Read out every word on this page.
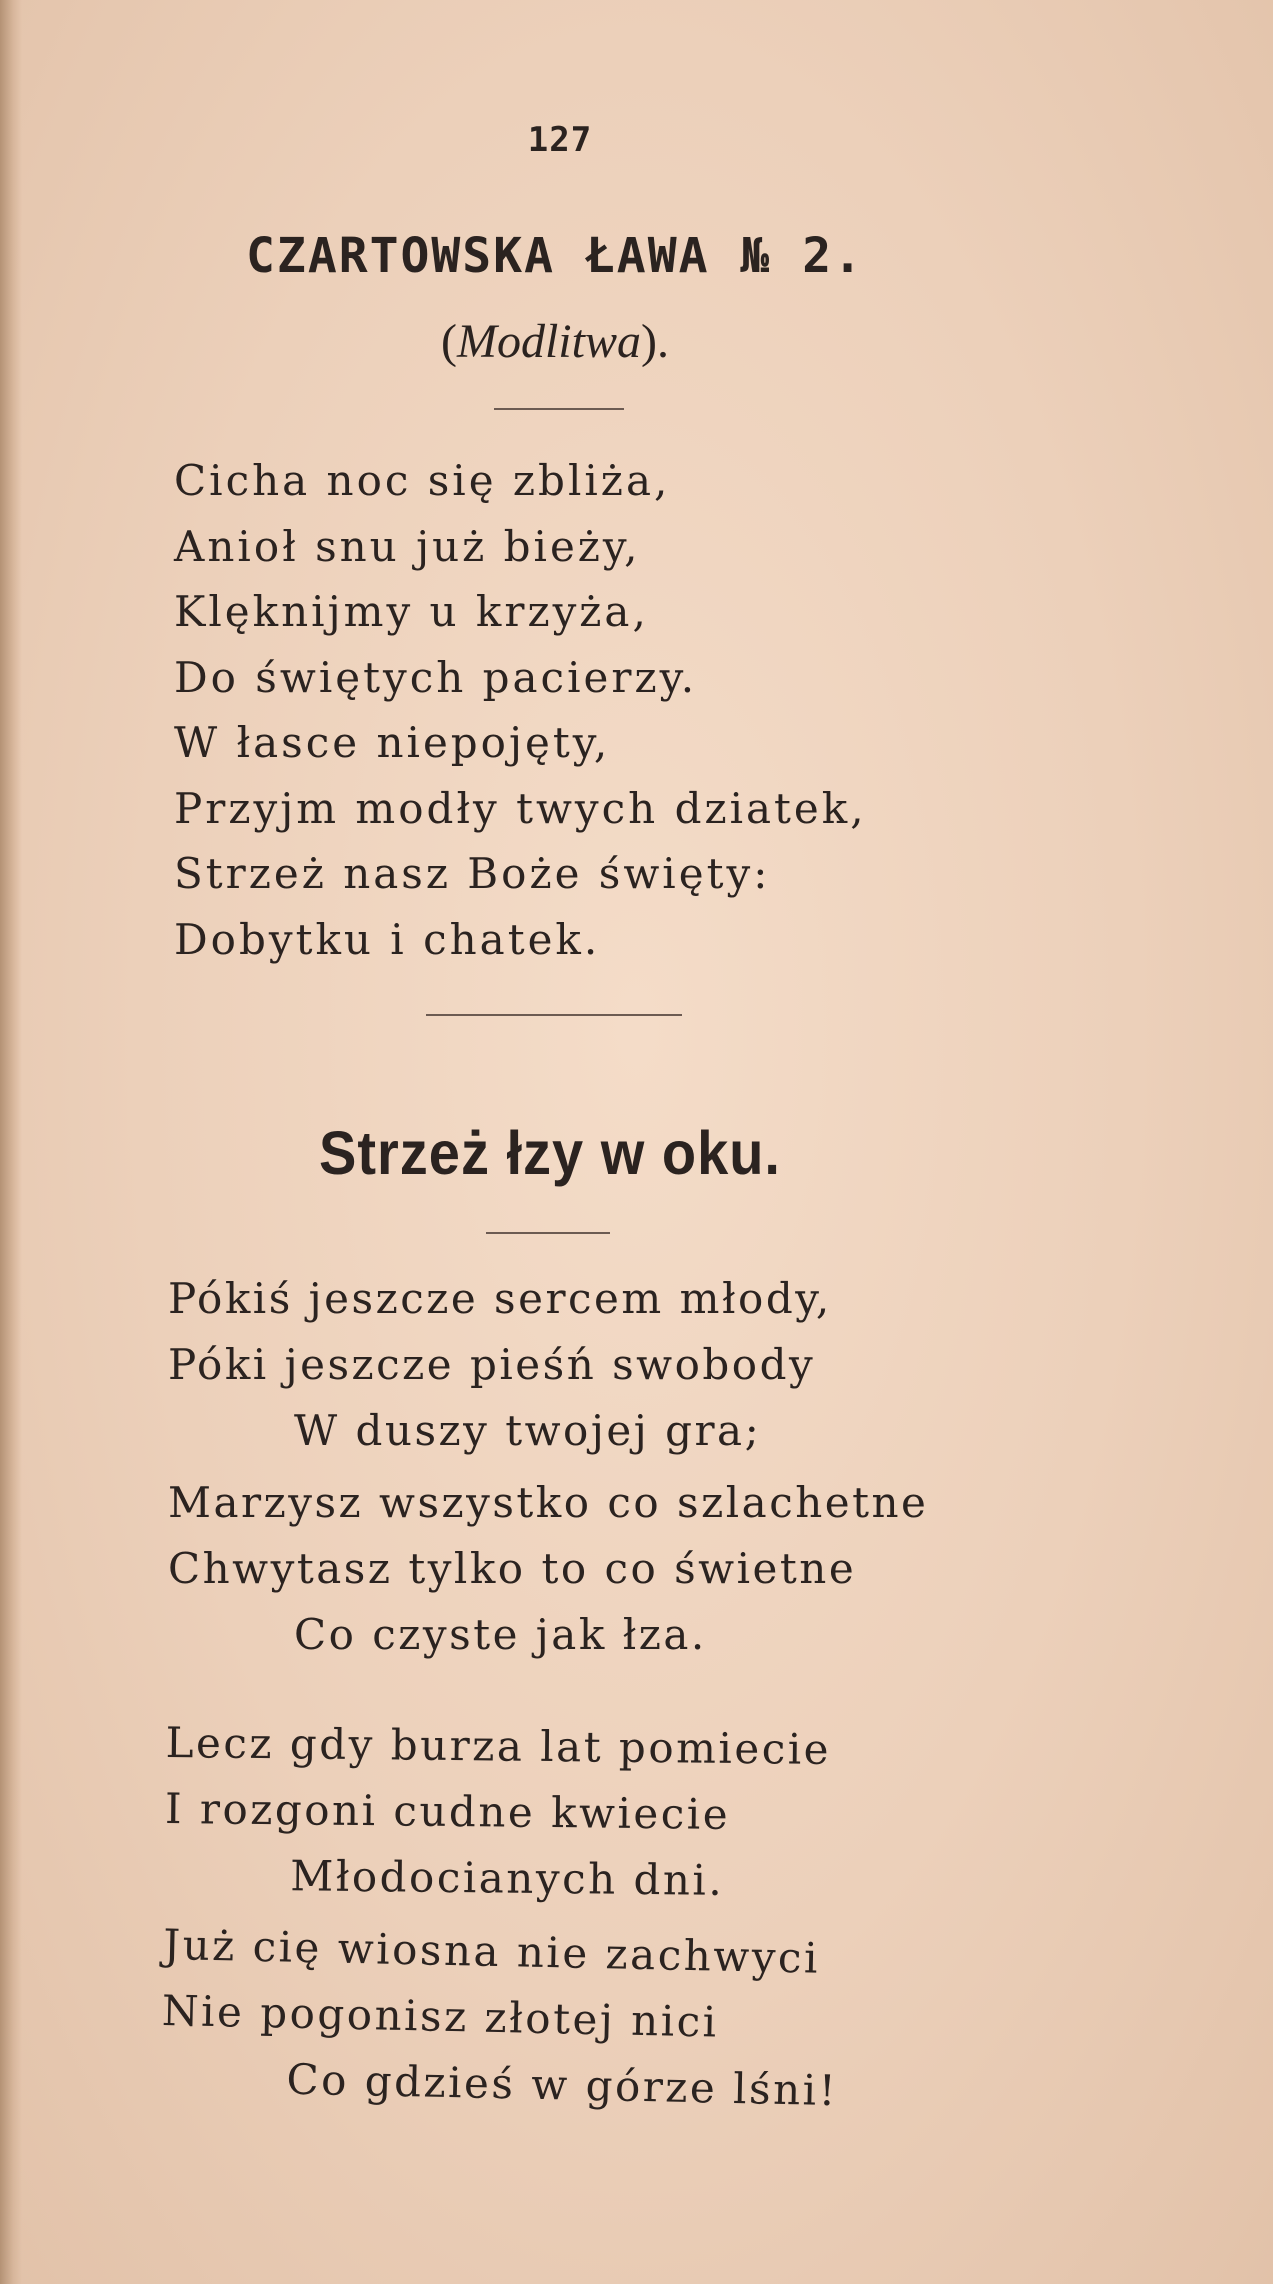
127
CZARTOWSKA ŁAWA № 2.
(Modlitwa).
Cicha noc się zbliża,
Anioł snu już bieży,
Klęknijmy u krzyża,
Do świętych pacierzy.
W łasce niepojęty,
Przyjm modły twych dziatek,
Strzeż nasz Boże święty:
Dobytku i chatek.
Strzeż łzy w oku.
Pókiś jeszcze sercem młody,
Póki jeszcze pieśń swobody
W duszy twojej gra;
Marzysz wszystko co szlachetne
Chwytasz tylko to co świetne
Co czyste jak łza.
Lecz gdy burza lat pomiecie
I rozgoni cudne kwiecie
Młodocianych dni.
Już cię wiosna nie zachwyci
Nie pogonisz złotej nici
Co gdzieś w górze lśni!
